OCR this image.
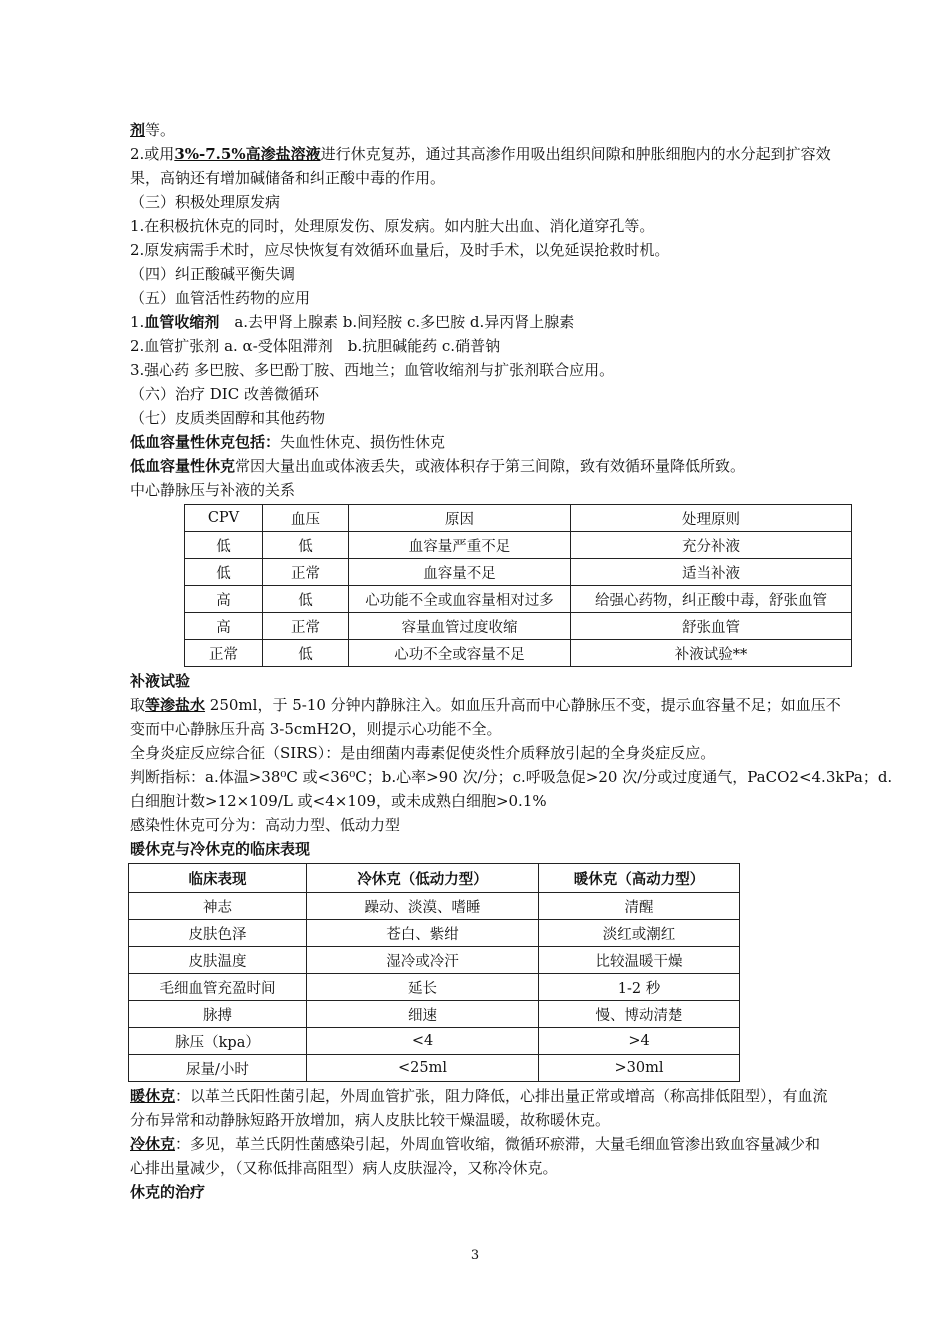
剂等。

2.或用3%-7.5%高渗盐溶液进行休克复苏，通过其高渗作用吸出组织间隙和肿胀细胞内的水分起到扩容效

果，高钠还有增加碱储备和纠正酸中毒的作用。

（三）积极处理原发病

1.在积极抗休克的同时，处理原发伤、原发病。如内脏大出血、消化道穿孔等。

2.原发病需手术时，应尽快恢复有效循环血量后，及时手术，以免延误抢救时机。

（四）纠正酸碱平衡失调

（五）血管活性药物的应用

1.血管收缩剂　a.去甲肾上腺素 b.间羟胺 c.多巴胺 d.异丙肾上腺素

2.血管扩张剂 a. α-受体阻滞剂　b.抗胆碱能药 c.硝普钠

3.强心药 多巴胺、多巴酚丁胺、西地兰；血管收缩剂与扩张剂联合应用。

（六）治疗 DIC 改善微循环

（七）皮质类固醇和其他药物

低血容量性休克包括：失血性休克、损伤性休克

低血容量性休克常因大量出血或体液丢失，或液体积存于第三间隙，致有效循环量降低所致。

中心静脉压与补液的关系

CPV	血压	原因	处理原则
低	低	血容量严重不足	充分补液
低	正常	血容量不足	适当补液
高	低	心功能不全或血容量相对过多	给强心药物，纠正酸中毒，舒张血管
高	正常	容量血管过度收缩	舒张血管
正常	低	心功不全或容量不足	补液试验**

补液试验

取等渗盐水 250ml，于 5-10 分钟内静脉注入。如血压升高而中心静脉压不变，提示血容量不足；如血压不

变而中心静脉压升高 3-5cmH2O，则提示心功能不全。

全身炎症反应综合征（SIRS）：是由细菌内毒素促使炎性介质释放引起的全身炎症反应。

判断指标：a.体温>38⁰C 或<36⁰C；b.心率>90 次/分；c.呼吸急促>20 次/分或过度通气，PaCO2<4.3kPa；d.

白细胞计数>12×109/L 或<4×109，或未成熟白细胞>0.1%

感染性休克可分为：高动力型、低动力型

暖休克与冷休克的临床表现

临床表现	冷休克（低动力型）	暖休克（高动力型）
神志	躁动、淡漠、嗜睡	清醒
皮肤色泽	苍白、紫绀	淡红或潮红
皮肤温度	湿冷或冷汗	比较温暖干燥
毛细血管充盈时间	延长	1-2 秒
脉搏	细速	慢、博动清楚
脉压（kpa）	<4	>4
尿量/小时	<25ml	>30ml

暖休克：以革兰氏阳性菌引起，外周血管扩张，阻力降低，心排出量正常或增高（称高排低阻型），有血流

分布异常和动静脉短路开放增加，病人皮肤比较干燥温暖，故称暖休克。

冷休克：多见，革兰氏阴性菌感染引起，外周血管收缩，微循环瘀滞，大量毛细血管渗出致血容量减少和

心排出量减少，（又称低排高阻型）病人皮肤湿冷，又称冷休克。

休克的治疗

3
